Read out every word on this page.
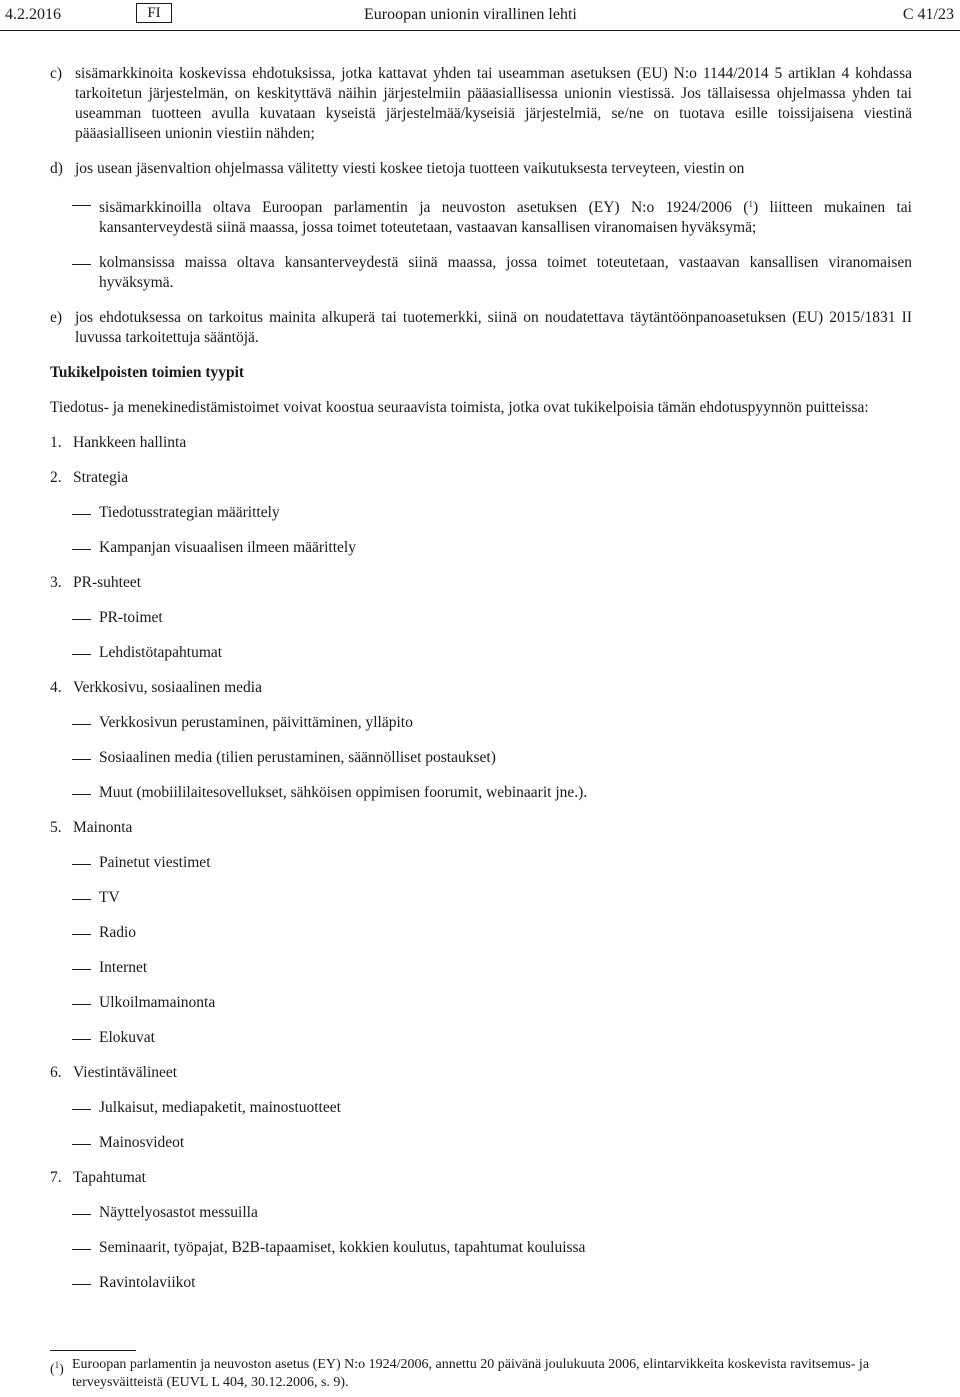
4.2.2016	FI	Euroopan unionin virallinen lehti	C 41/23
c) sisämarkkinoita koskevissa ehdotuksissa, jotka kattavat yhden tai useamman asetuksen (EU) N:o 1144/2014 5 artiklan 4 kohdassa tarkoitetun järjestelmän, on keskityttävä näihin järjestelmiin pääasiallisessa unionin viestissä. Jos tällaisessa ohjelmassa yhden tai useamman tuotteen avulla kuvataan kyseistä järjestelmää/kyseisiä järjestelmiä, se/ne on tuotava esille toissijaisena viestinä pääasialliseen unionin viestiin nähden;
d) jos usean jäsenvaltion ohjelmassa välitetty viesti koskee tietoja tuotteen vaikutuksesta terveyteen, viestin on
sisämarkkinoilla oltava Euroopan parlamentin ja neuvoston asetuksen (EY) N:o 1924/2006 ($^1$) liitteen mukainen tai kansanterveydestä siinä maassa, jossa toimet toteutetaan, vastaavan kansallisen viranomaisen hyväksymä;
kolmansissa maissa oltava kansanterveydestä siinä maassa, jossa toimet toteutetaan, vastaavan kansallisen viranomaisen hyväksymä.
e) jos ehdotuksessa on tarkoitus mainita alkuperä tai tuotemerkki, siinä on noudatettava täytäntöönpanoasetuksen (EU) 2015/1831 II luvussa tarkoitettuja sääntöjä.
Tukikelpoisten toimien tyypit
Tiedotus- ja menekinedistämistoimet voivat koostua seuraavista toimista, jotka ovat tukikelpoisia tämän ehdotuspyynnön puitteissa:
1. Hankkeen hallinta
2. Strategia
Tiedotusstrategian määrittely
Kampanjan visuaalisen ilmeen määrittely
3. PR-suhteet
PR-toimet
Lehdistötapahtumat
4. Verkkosivu, sosiaalinen media
Verkkosivun perustaminen, päivittäminen, ylläpito
Sosiaalinen media (tilien perustaminen, säännölliset postaukset)
Muut (mobiililaitesovellukset, sähköisen oppimisen foorumit, webinaarit jne.).
5. Mainonta
Painetut viestimet
TV
Radio
Internet
Ulkoilmamainonta
Elokuvat
6. Viestintävälineet
Julkaisut, mediapaketit, mainostuotteet
Mainosvideot
7. Tapahtumat
Näyttelyosastot messuilla
Seminaarit, työpajat, B2B-tapaamiset, kokkien koulutus, tapahtumat kouluissa
Ravintolaviikot
($^1$) Euroopan parlamentin ja neuvoston asetus (EY) N:o 1924/2006, annettu 20 päivänä joulukuuta 2006, elintarvikkeita koskevista ravitsemus- ja terveysväitteistä (EUVL L 404, 30.12.2006, s. 9).
